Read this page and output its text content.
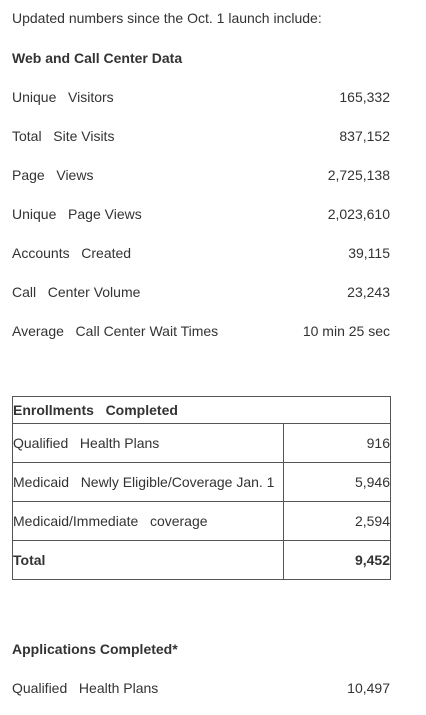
Updated numbers since the Oct. 1 launch include:
Web and Call Center Data
Unique   Visitors	165,332
Total   Site Visits	837,152
Page   Views	2,725,138
Unique   Page Views	2,023,610
Accounts   Created	39,115
Call   Center Volume	23,243
Average   Call Center Wait Times	10 min 25 sec
Enrollments   Completed	
Qualified   Health Plans	916
Medicaid   Newly Eligible/Coverage Jan. 1	5,946
Medicaid/Immediate   coverage	2,594
Total	9,452
Applications Completed*
Qualified   Health Plans	10,497
